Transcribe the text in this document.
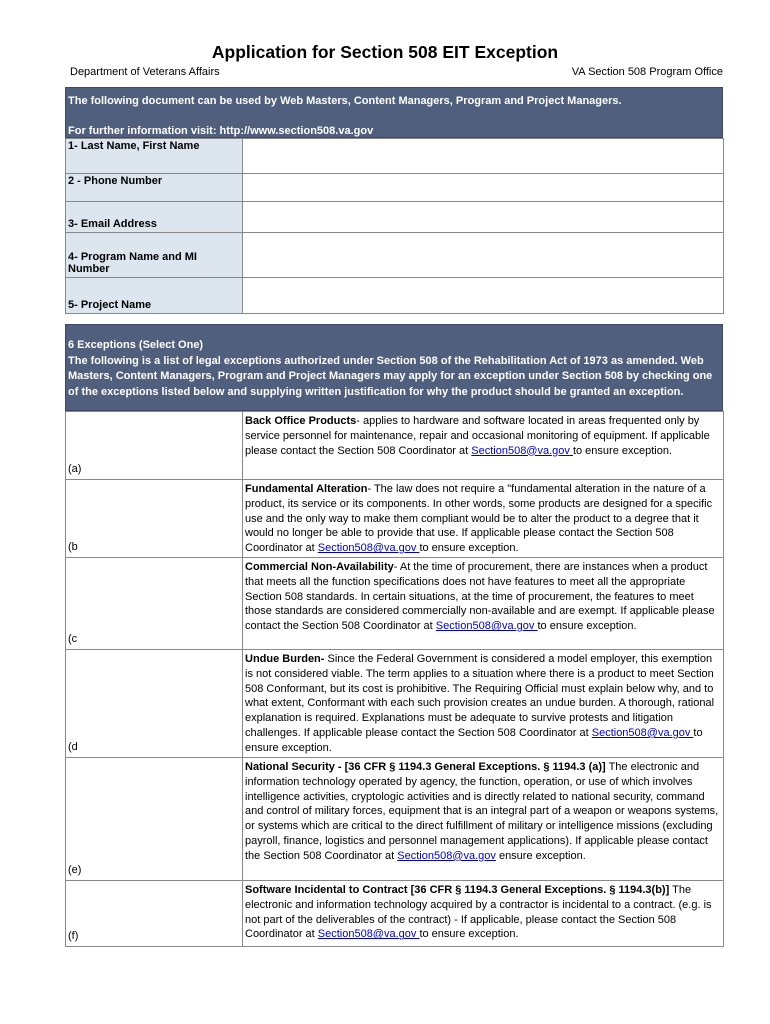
Application for Section 508 EIT Exception
Department of Veterans Affairs	VA Section 508 Program Office
The following document can be used by Web Masters, Content Managers, Program and Project Managers.
For further information visit: http://www.section508.va.gov
1- Last Name, First Name	
2 - Phone Number	
3- Email Address	
4- Program Name and MI Number	
5- Project Name	
6 Exceptions (Select One)
The following is a list of legal exceptions authorized under Section 508 of the Rehabilitation Act of 1973 as amended. Web Masters, Content Managers, Program and Project Managers may apply for an exception under Section 508 by checking one of the exceptions listed below and supplying written justification for why the product should be granted an exception.
(a)	Back Office Products- applies to hardware and software located in areas frequented only by service personnel for maintenance, repair and occasional monitoring of equipment. If applicable please contact the Section 508 Coordinator at Section508@va.gov to ensure exception.
(b	Fundamental Alteration- The law does not require a "fundamental alteration in the nature of a product, its service or its components. In other words, some products are designed for a specific use and the only way to make them compliant would be to alter the product to a degree that it would no longer be able to provide that use. If applicable please contact the Section 508 Coordinator at Section508@va.gov to ensure exception.
(c	Commercial Non-Availability- At the time of procurement, there are instances when a product that meets all the function specifications does not have features to meet all the appropriate Section 508 standards. In certain situations, at the time of procurement, the features to meet those standards are considered commercially non-available and are exempt. If applicable please contact the Section 508 Coordinator at Section508@va.gov to ensure exception.
(d	Undue Burden- Since the Federal Government is considered a model employer, this exemption is not considered viable. The term applies to a situation where there is a product to meet Section 508 Conformant, but its cost is prohibitive. The Requiring Official must explain below why, and to what extent, Conformant with each such provision creates an undue burden. A thorough, rational explanation is required. Explanations must be adequate to survive protests and litigation challenges. If applicable please contact the Section 508 Coordinator at Section508@va.gov to ensure exception.
(e)	National Security - [36 CFR § 1194.3 General Exceptions. § 1194.3 (a)] The electronic and information technology operated by agency, the function, operation, or use of which involves intelligence activities, cryptologic activities and is directly related to national security, command and control of military forces, equipment that is an integral part of a weapon or weapons systems, or systems which are critical to the direct fulfillment of military or intelligence missions (excluding payroll, finance, logistics and personnel management applications). If applicable please contact the Section 508 Coordinator at Section508@va.gov ensure exception.
(f)	Software Incidental to Contract [36 CFR § 1194.3 General Exceptions. § 1194.3(b)] The electronic and information technology acquired by a contractor is incidental to a contract. (e.g. is not part of the deliverables of the contract) - If applicable, please contact the Section 508 Coordinator at Section508@va.gov to ensure exception.
